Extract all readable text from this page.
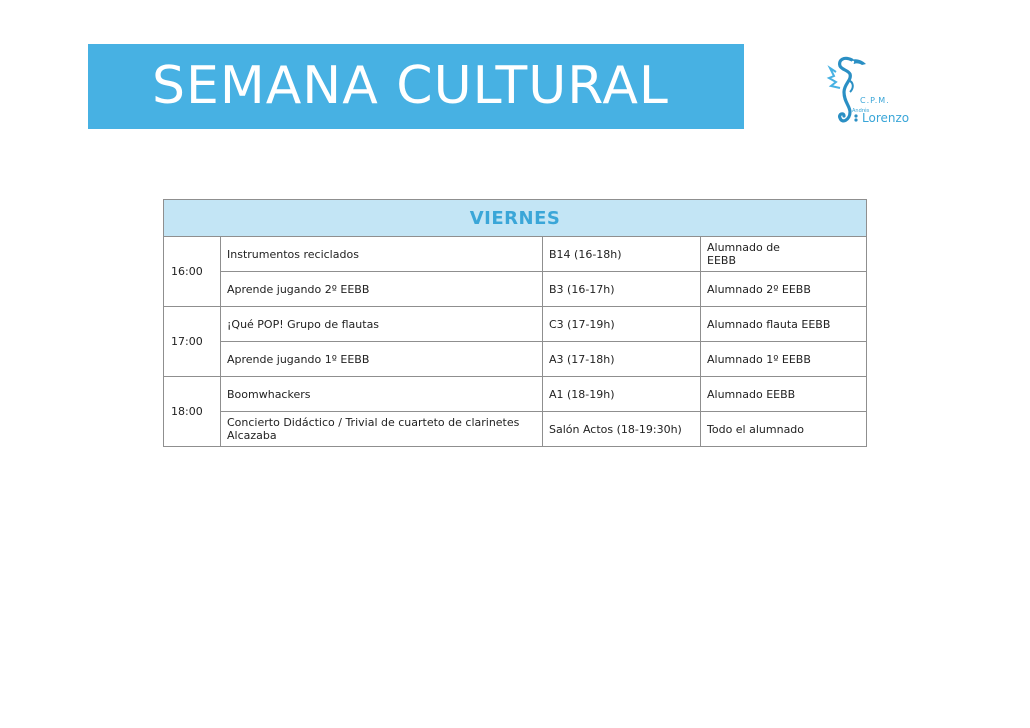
SEMANA CULTURAL	C.P.M.
Andrés
Lorenzo
VIERNES			
16:00	Instrumentos reciclados	B14 (16-18h)	Alumnado de EEBB
	Aprende jugando 2º EEBB	B3 (16-17h)	Alumnado 2º EEBB
17:00	¡Qué POP! Grupo de flautas	C3 (17-19h)	Alumnado flauta EEBB
	Aprende jugando 1º EEBB	A3 (17-18h)	Alumnado 1º EEBB
18:00	Boomwhackers	A1 (18-19h)	Alumnado EEBB
	Concierto Didáctico / Trivial de cuarteto de clarinetes Alcazaba	Salón Actos (18-19:30h)	Todo el alumnado
